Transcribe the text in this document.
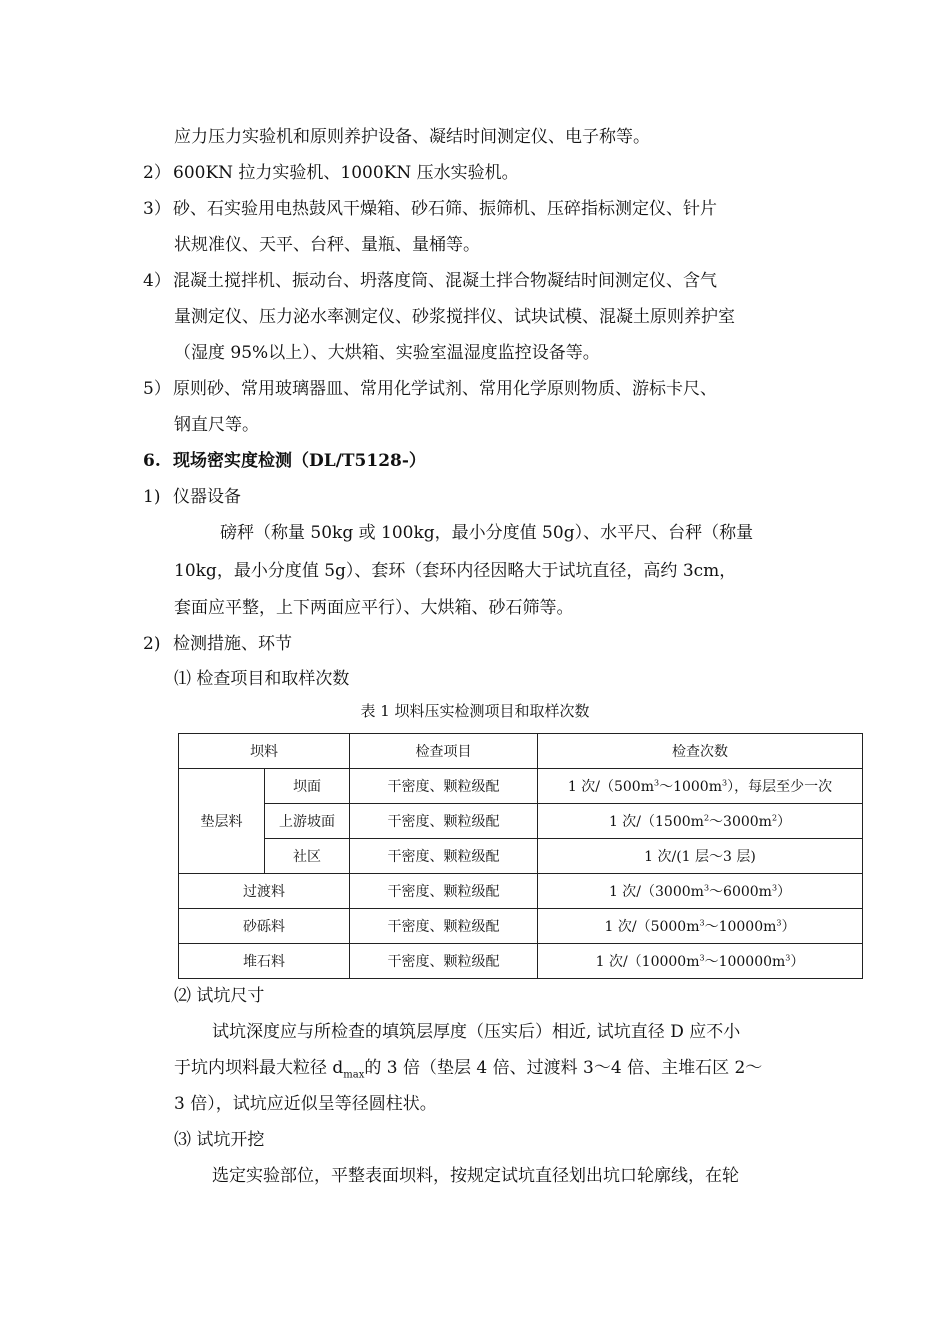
应力压力实验机和原则养护设备、凝结时间测定仪、电子称等。
2） 600KN 拉力实验机、1000KN 压水实验机。
3） 砂、石实验用电热鼓风干燥箱、砂石筛、振筛机、压碎指标测定仪、针片
状规准仪、天平、台秤、量瓶、量桶等。
4） 混凝土搅拌机、振动台、坍落度筒、混凝土拌合物凝结时间测定仪、含气
量测定仪、压力泌水率测定仪、砂浆搅拌仪、试块试模、混凝土原则养护室
（湿度 95%以上）、大烘箱、实验室温湿度监控设备等。
5） 原则砂、常用玻璃器皿、常用化学试剂、常用化学原则物质、游标卡尺、
钢直尺等。
6. 现场密实度检测（DL/T5128-）
1) 仪器设备
磅秤（称量 50kg 或 100kg，最小分度值 50g）、水平尺、台秤（称量
10kg，最小分度值 5g）、套环（套环内径因略大于试坑直径，高约 3cm，
套面应平整，上下两面应平行）、大烘箱、砂石筛等。
2) 检测措施、环节
⑴ 检查项目和取样次数
表 1 坝料压实检测项目和取样次数
坝料		检查项目	检查次数
垫层料	坝面	干密度、颗粒级配	1 次$/(500m^3\sim 1000m^3)$，每层至少一次
	上游坡面	干密度、颗粒级配	1 次$/(1500m^2\sim 3000m^2)$
	社区	干密度、颗粒级配	1 次/(1 层～3 层)
过渡料		干密度、颗粒级配	1 次$/(3000m^3\sim 6000m^3)$
砂砾料		干密度、颗粒级配	1 次$/(5000m^3\sim 10000m^3)$
堆石料		干密度、颗粒级配	1 次$/(10000m^3\sim 100000m^3)$
⑵ 试坑尺寸
试坑深度应与所检查的填筑层厚度（压实后）相近, 试坑直径 D 应不小
于坑内坝料最大粒径 $d_{max}$的 3 倍（垫层 4 倍、过渡料 3～4 倍、主堆石区 2～
3 倍），试坑应近似呈等径圆柱状。
⑶ 试坑开挖
选定实验部位，平整表面坝料，按规定试坑直径划出坑口轮廓线，在轮
